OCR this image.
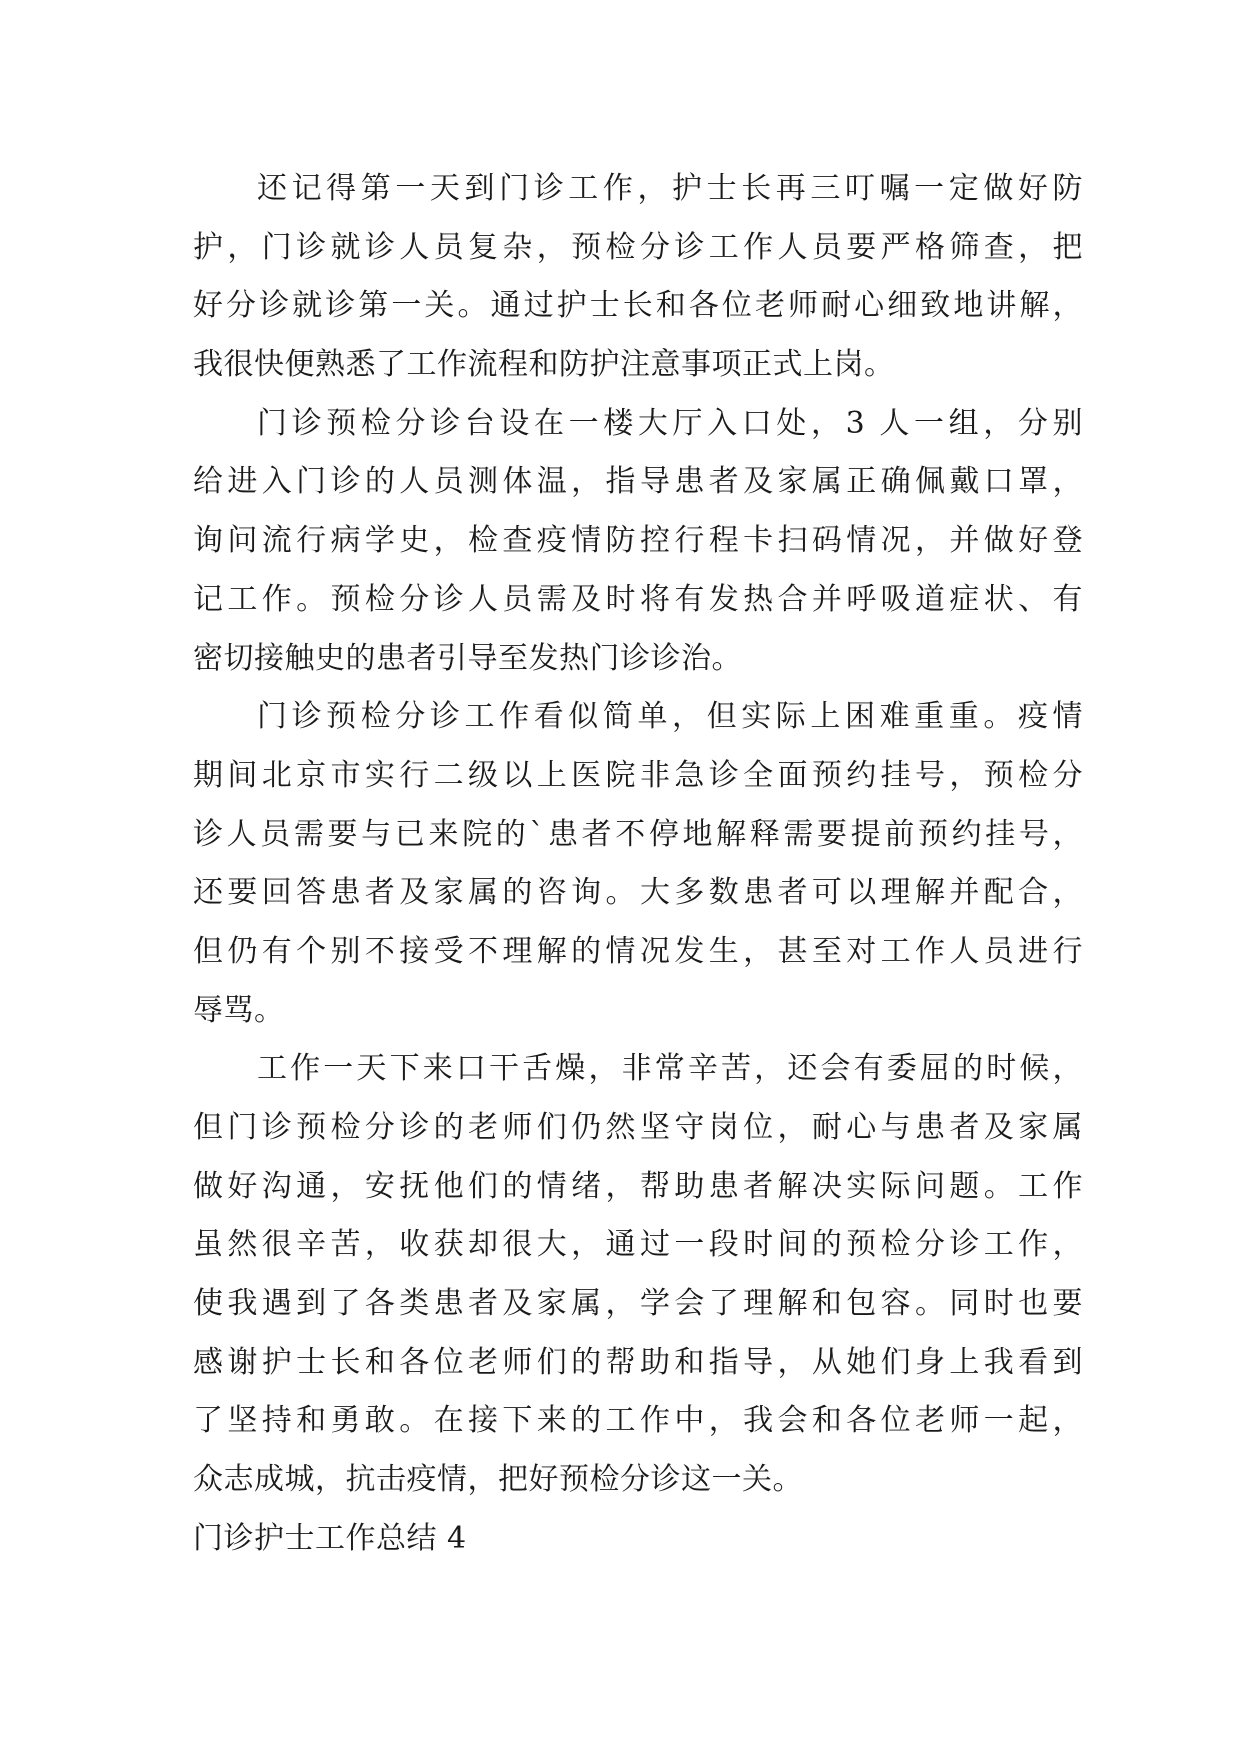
还记得第一天到门诊工作，护士长再三叮嘱一定做好防
护，门诊就诊人员复杂，预检分诊工作人员要严格筛查，把
好分诊就诊第一关。通过护士长和各位老师耐心细致地讲解，
我很快便熟悉了工作流程和防护注意事项正式上岗。
门诊预检分诊台设在一楼大厅入口处，3 人一组，分别
给进入门诊的人员测体温，指导患者及家属正确佩戴口罩，
询问流行病学史，检查疫情防控行程卡扫码情况，并做好登
记工作。预检分诊人员需及时将有发热合并呼吸道症状、有
密切接触史的患者引导至发热门诊诊治。
门诊预检分诊工作看似简单，但实际上困难重重。疫情
期间北京市实行二级以上医院非急诊全面预约挂号，预检分
诊人员需要与已来院的`患者不停地解释需要提前预约挂号，
还要回答患者及家属的咨询。大多数患者可以理解并配合，
但仍有个别不接受不理解的情况发生，甚至对工作人员进行
辱骂。
工作一天下来口干舌燥，非常辛苦，还会有委屈的时候，
但门诊预检分诊的老师们仍然坚守岗位，耐心与患者及家属
做好沟通，安抚他们的情绪，帮助患者解决实际问题。工作
虽然很辛苦，收获却很大，通过一段时间的预检分诊工作，
使我遇到了各类患者及家属，学会了理解和包容。同时也要
感谢护士长和各位老师们的帮助和指导，从她们身上我看到
了坚持和勇敢。在接下来的工作中，我会和各位老师一起，
众志成城，抗击疫情，把好预检分诊这一关。
门诊护士工作总结 4
